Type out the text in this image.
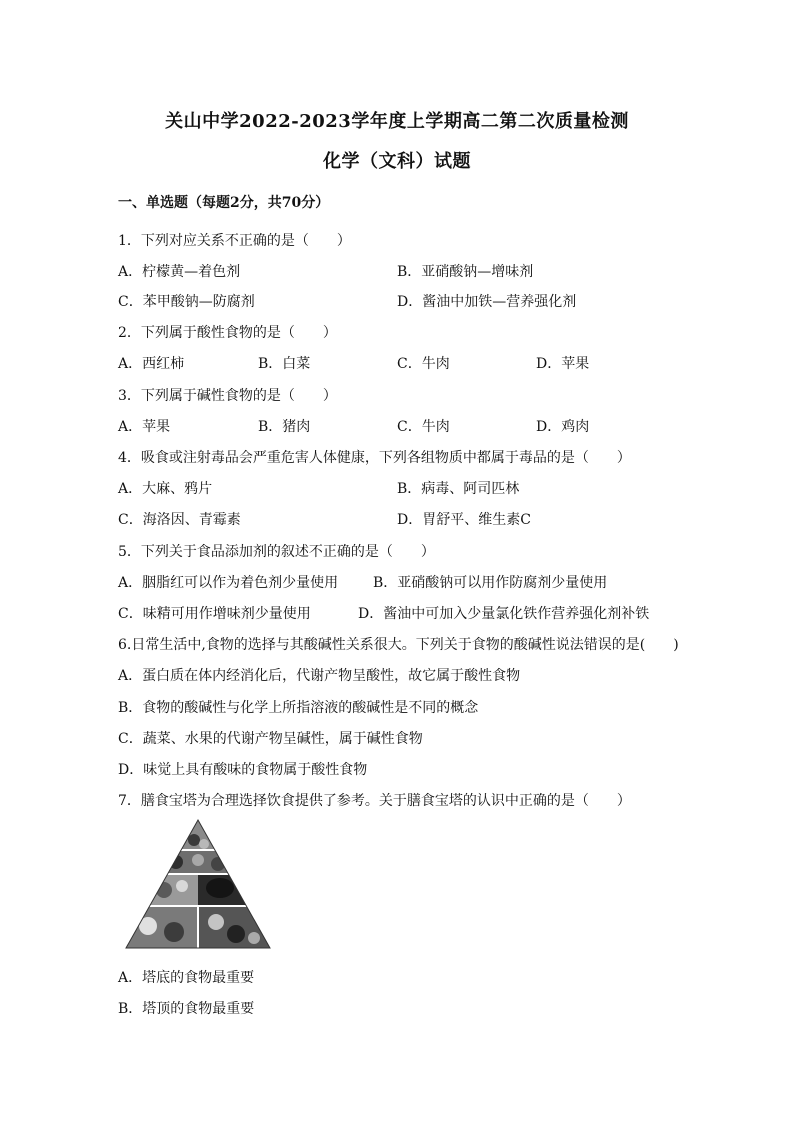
关山中学2022-2023学年度上学期高二第二次质量检测
化学（文科）试题
一、单选题（每题2分，共70分）
1．下列对应关系不正确的是（　　）
A．柠檬黄—着色剂	B．亚硝酸钠—增味剂
C．苯甲酸钠—防腐剂	D．酱油中加铁—营养强化剂
2．下列属于酸性食物的是（　　）
A．西红柿	B．白菜	C．牛肉	D．苹果
3．下列属于碱性食物的是（　　）
A．苹果	B．猪肉	C．牛肉	D．鸡肉
4．吸食或注射毒品会严重危害人体健康，下列各组物质中都属于毒品的是（　　）
A．大麻、鸦片	B．病毒、阿司匹林
C．海洛因、青霉素	D．胃舒平、维生素C
5．下列关于食品添加剂的叙述不正确的是（　　）
A．胭脂红可以作为着色剂少量使用 B．亚硝酸钠可以用作防腐剂少量使用
C．味精可用作增味剂少量使用	D．酱油中可加入少量氯化铁作营养强化剂补铁
6.日常生活中,食物的选择与其酸碱性关系很大。下列关于食物的酸碱性说法错误的是(　　)
A．蛋白质在体内经消化后，代谢产物呈酸性，故它属于酸性食物
B．食物的酸碱性与化学上所指溶液的酸碱性是不同的概念
C．蔬菜、水果的代谢产物呈碱性，属于碱性食物
D．味觉上具有酸味的食物属于酸性食物
7．膳食宝塔为合理选择饮食提供了参考。关于膳食宝塔的认识中正确的是（　　）
A．塔底的食物最重要
B．塔顶的食物最重要
